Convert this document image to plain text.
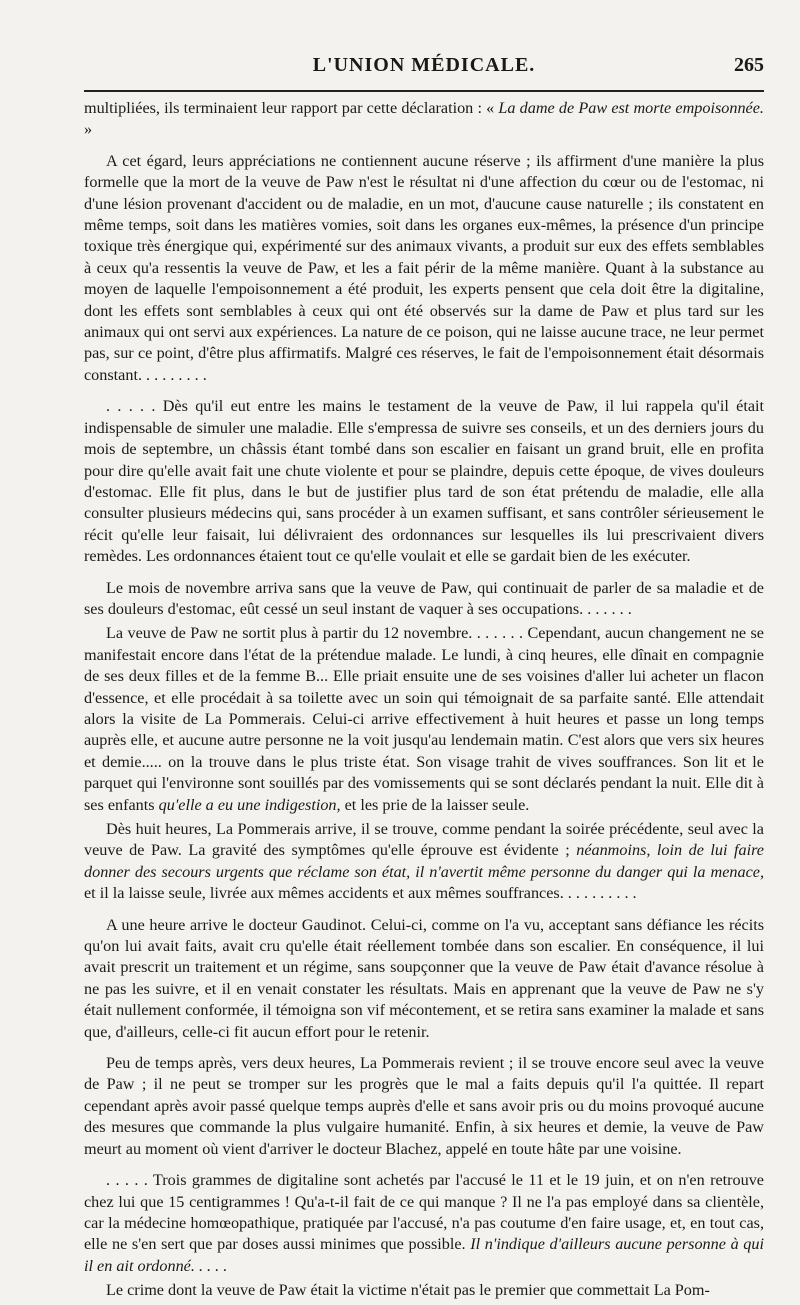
L'UNION MÉDICALE.	265

multipliées, ils terminaient leur rapport par cette déclaration : « La dame de Paw est morte empoisonnée. »

A cet égard, leurs appréciations ne contiennent aucune réserve ; ils affirment d'une manière la plus formelle que la mort de la veuve de Paw n'est le résultat ni d'une affection du cœur ou de l'estomac, ni d'une lésion provenant d'accident ou de maladie, en un mot, d'aucune cause naturelle ; ils constatent en même temps, soit dans les matières vomies, soit dans les organes eux-mêmes, la présence d'un principe toxique très énergique qui, expérimenté sur des animaux vivants, a produit sur eux des effets semblables à ceux qu'a ressentis la veuve de Paw, et les a fait périr de la même manière. Quant à la substance au moyen de laquelle l'empoisonnement a été produit, les experts pensent que cela doit être la digitaline, dont les effets sont semblables à ceux qui ont été observés sur la dame de Paw et plus tard sur les animaux qui ont servi aux expériences. La nature de ce poison, qui ne laisse aucune trace, ne leur permet pas, sur ce point, d'être plus affirmatifs. Malgré ces réserves, le fait de l'empoisonnement était désormais constant. . . . . . . . .

. . . . . Dès qu'il eut entre les mains le testament de la veuve de Paw, il lui rappela qu'il était indispensable de simuler une maladie. Elle s'empressa de suivre ses conseils, et un des derniers jours du mois de septembre, un châssis étant tombé dans son escalier en faisant un grand bruit, elle en profita pour dire qu'elle avait fait une chute violente et pour se plaindre, depuis cette époque, de vives douleurs d'estomac. Elle fit plus, dans le but de justifier plus tard de son état prétendu de maladie, elle alla consulter plusieurs médecins qui, sans procéder à un examen suffisant, et sans contrôler sérieusement le récit qu'elle leur faisait, lui délivraient des ordonnances sur lesquelles ils lui prescrivaient divers remèdes. Les ordonnances étaient tout ce qu'elle voulait et elle se gardait bien de les exécuter.

Le mois de novembre arriva sans que la veuve de Paw, qui continuait de parler de sa maladie et de ses douleurs d'estomac, eût cessé un seul instant de vaquer à ses occupations. . . . . . .

La veuve de Paw ne sortit plus à partir du 12 novembre. . . . . . . Cependant, aucun changement ne se manifestait encore dans l'état de la prétendue malade. Le lundi, à cinq heures, elle dînait en compagnie de ses deux filles et de la femme B... Elle priait ensuite une de ses voisines d'aller lui acheter un flacon d'essence, et elle procédait à sa toilette avec un soin qui témoignait de sa parfaite santé. Elle attendait alors la visite de La Pommerais. Celui-ci arrive effectivement à huit heures et passe un long temps auprès elle, et aucune autre personne ne la voit jusqu'au lendemain matin. C'est alors que vers six heures et demie..... on la trouve dans le plus triste état. Son visage trahit de vives souffrances. Son lit et le parquet qui l'environne sont souillés par des vomissements qui se sont déclarés pendant la nuit. Elle dit à ses enfants qu'elle a eu une indigestion, et les prie de la laisser seule.

Dès huit heures, La Pommerais arrive, il se trouve, comme pendant la soirée précédente, seul avec la veuve de Paw. La gravité des symptômes qu'elle éprouve est évidente ; néanmoins, loin de lui faire donner des secours urgents que réclame son état, il n'avertit même personne du danger qui la menace, et il la laisse seule, livrée aux mêmes accidents et aux mêmes souffrances. . . . . . . . . .

A une heure arrive le docteur Gaudinot. Celui-ci, comme on l'a vu, acceptant sans défiance les récits qu'on lui avait faits, avait cru qu'elle était réellement tombée dans son escalier. En conséquence, il lui avait prescrit un traitement et un régime, sans soupçonner que la veuve de Paw était d'avance résolue à ne pas les suivre, et il en venait constater les résultats. Mais en apprenant que la veuve de Paw ne s'y était nullement conformée, il témoigna son vif mécontement, et se retira sans examiner la malade et sans que, d'ailleurs, celle-ci fit aucun effort pour le retenir.

Peu de temps après, vers deux heures, La Pommerais revient ; il se trouve encore seul avec la veuve de Paw ; il ne peut se tromper sur les progrès que le mal a faits depuis qu'il l'a quittée. Il repart cependant après avoir passé quelque temps auprès d'elle et sans avoir pris ou du moins provoqué aucune des mesures que commande la plus vulgaire humanité. Enfin, à six heures et demie, la veuve de Paw meurt au moment où vient d'arriver le docteur Blachez, appelé en toute hâte par une voisine.

. . . . . Trois grammes de digitaline sont achetés par l'accusé le 11 et le 19 juin, et on n'en retrouve chez lui que 15 centigrammes ! Qu'a-t-il fait de ce qui manque ? Il ne l'a pas employé dans sa clientèle, car la médecine homœopathique, pratiquée par l'accusé, n'a pas coutume d'en faire usage, et, en tout cas, elle ne s'en sert que par doses aussi minimes que possible. Il n'indique d'ailleurs aucune personne à qui il en ait ordonné. . . . .

Le crime dont la veuve de Paw était la victime n'était pas le premier que commettait La Pom-
